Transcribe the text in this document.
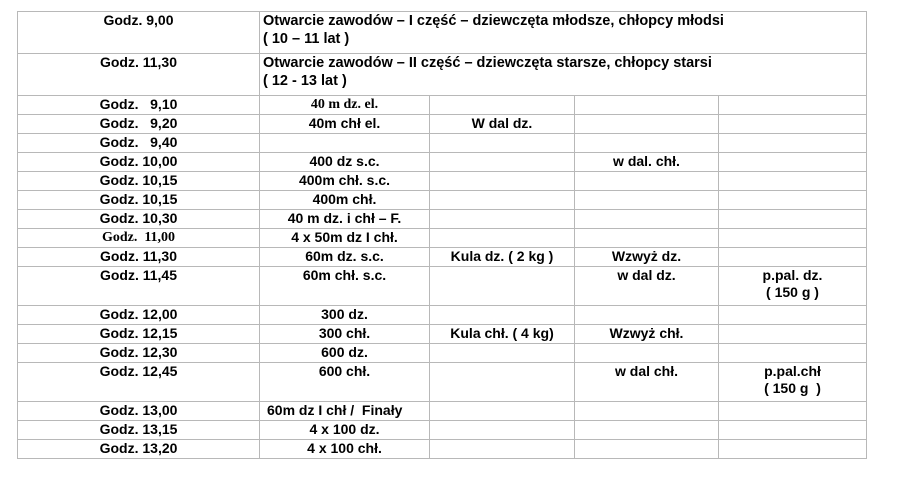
Godz. 9,00	Otwarcie zawodów – I część – dziewczęta młodsze, chłopcy młodsi
( 10 – 11 lat )			

Godz. 11,30	Otwarcie zawodów – II część – dziewczęta starsze, chłopcy starsi
( 12 - 13 lat )			

Godz.   9,10	40 m dz. el.			
Godz.   9,20	40m chł el.	W dal dz.		
Godz.   9,40				
Godz. 10,00	400 dz s.c.		w dal. chł.	
Godz. 10,15	400m chł. s.c.			
Godz. 10,15	400m chł.			
Godz. 10,30	40 m dz. i chł – F.			
Godz.  11,00	4 x 50m dz I chł.			
Godz. 11,30	60m dz. s.c.	Kula dz. ( 2 kg )	Wzwyż dz.	
Godz. 11,45	60m chł. s.c.		w dal dz.	p.pal. dz.
( 150 g )

Godz. 12,00	300 dz.			
Godz. 12,15	300 chł.	Kula chł. ( 4 kg)	Wzwyż chł.	
Godz. 12,30	600 dz.			
Godz. 12,45	600 chł.		w dal chł.	p.pal.chł
( 150 g  )

Godz. 13,00	60m dz I chł /  Finały			
Godz. 13,15	4 x 100 dz.			
Godz. 13,20	4 x 100 chł.			
